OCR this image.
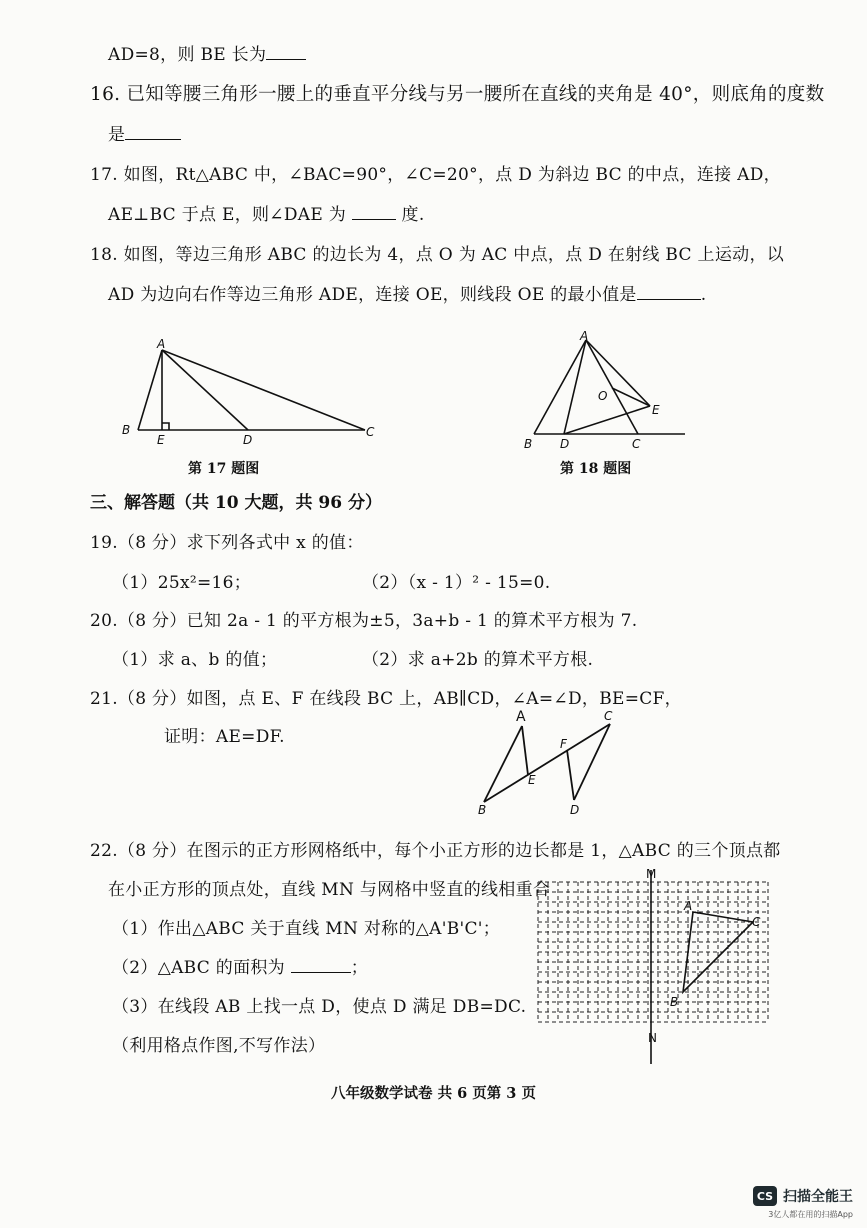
AD=8，则 BE 长为
16. 已知等腰三角形一腰上的垂直平分线与另一腰所在直线的夹角是 40°，则底角的度数
是
17. 如图，Rt△ABC 中，∠BAC=90°，∠C=20°，点 D 为斜边 BC 的中点，连接 AD，
AE⊥BC 于点 E，则∠DAE 为	度.
18. 如图，等边三角形 ABC 的边长为 4，点 O 为 AC 中点，点 D 在射线 BC 上运动，以
AD 为边向右作等边三角形 ADE，连接 OE，则线段 OE 的最小值是	.
A
B
E	D
C
第 17 题图
A
O
E
B D	C
第 18 题图
三、解答题（共 10 大题，共 96 分）
19.（8 分）求下列各式中 x 的值：
（1）25x²=16；	（2）（x - 1）² - 15=0.
20.（8 分）已知 2a - 1 的平方根为±5，3a+b - 1 的算术平方根为 7.
（1）求 a、b 的值；	（2）求 a+2b 的算术平方根.
21.（8 分）如图，点 E、F 在线段 BC 上，AB∥CD，∠A=∠D，BE=CF，
证明：AE=DF.
A	C
F
E
B	D
22.（8 分）在图示的正方形网格纸中，每个小正方形的边长都是 1，△ABC 的三个顶点都
在小正方形的顶点处，直线 MN 与网格中竖直的线相重合
（1）作出△ABC 关于直线 MN 对称的△A'B'C'；
（2）△ABC 的面积为	；
（3）在线段 AB 上找一点 D，使点 D 满足 DB=DC.
（利用格点作图,不写作法）
M
N
A
C
B
八年级数学试卷 共 6 页第 3 页
CS 扫描全能王
3亿人都在用的扫描App
